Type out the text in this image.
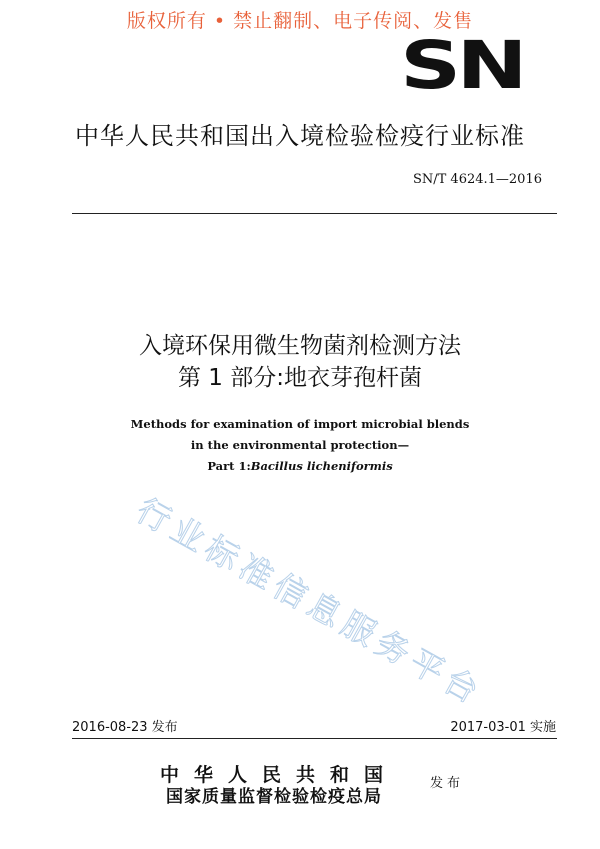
版权所有 • 禁止翻制、电子传阅、发售
SN
中华人民共和国出入境检验检疫行业标准
SN/T 4624.1—2016
入境环保用微生物菌剂检测方法
第 1 部分:地衣芽孢杆菌
Methods for examination of import microbial blends
in the environmental protection—
Part 1:Bacillus licheniformis
行业标准信息服务平台
2016-08-23 发布	2017-03-01 实施
中华人民共和国
国家质量监督检验检疫总局
发布
